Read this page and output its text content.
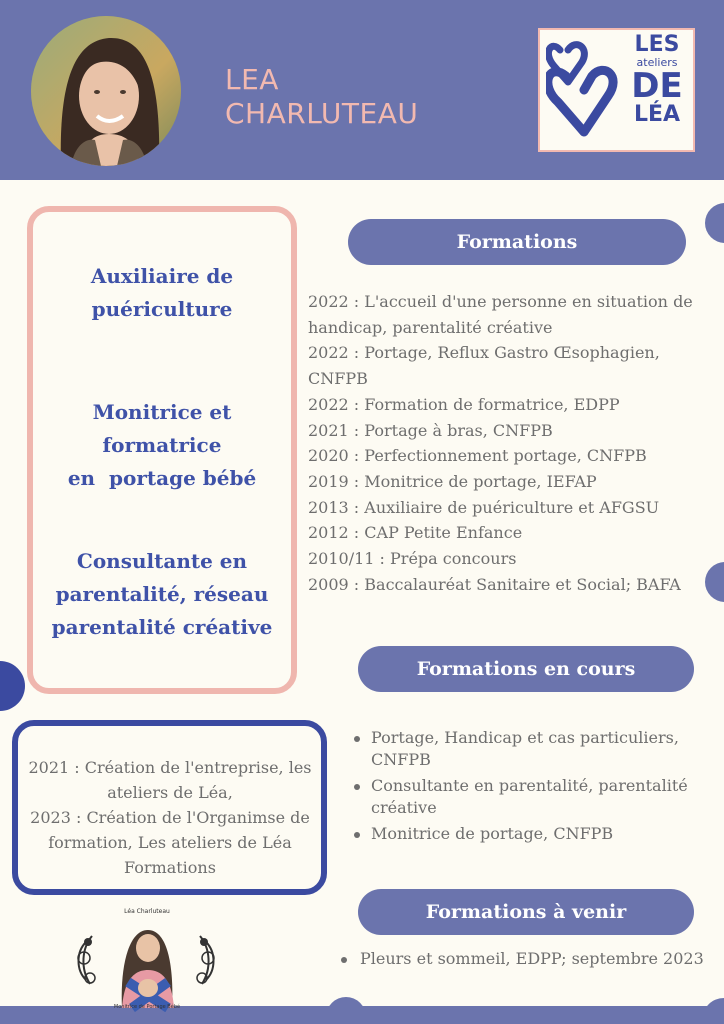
LEA
CHARLUTEAU
LES
ateliers
DE
LÉA
Auxiliaire de
puériculture
Monitrice et
formatrice
en  portage bébé
Consultante en
parentalité, réseau
parentalité créative
2021 : Création de l'entreprise, les
ateliers de Léa,
2023 : Création de l'Organimse de
formation, Les ateliers de Léa
Formations
Formations
2022 : L'accueil d'une personne en situation de handicap, parentalité créative
2022 : Portage, Reflux Gastro Œsophagien, CNFPB
2022 : Formation de formatrice, EDPP
2021 : Portage à bras, CNFPB
2020 : Perfectionnement portage, CNFPB
2019 : Monitrice de portage, IEFAP
2013 : Auxiliaire de puériculture et AFGSU
2012 : CAP Petite Enfance
2010/11 : Prépa concours
2009 : Baccalauréat Sanitaire et Social; BAFA
Formations en cours
Portage, Handicap et cas particuliers, CNFPB
Consultante en parentalité, parentalité créative
Monitrice de portage, CNFPB
Formations à venir
Pleurs et sommeil, EDPP; septembre 2023
Léa Charluteau
Monitrice de Portage Bébé
